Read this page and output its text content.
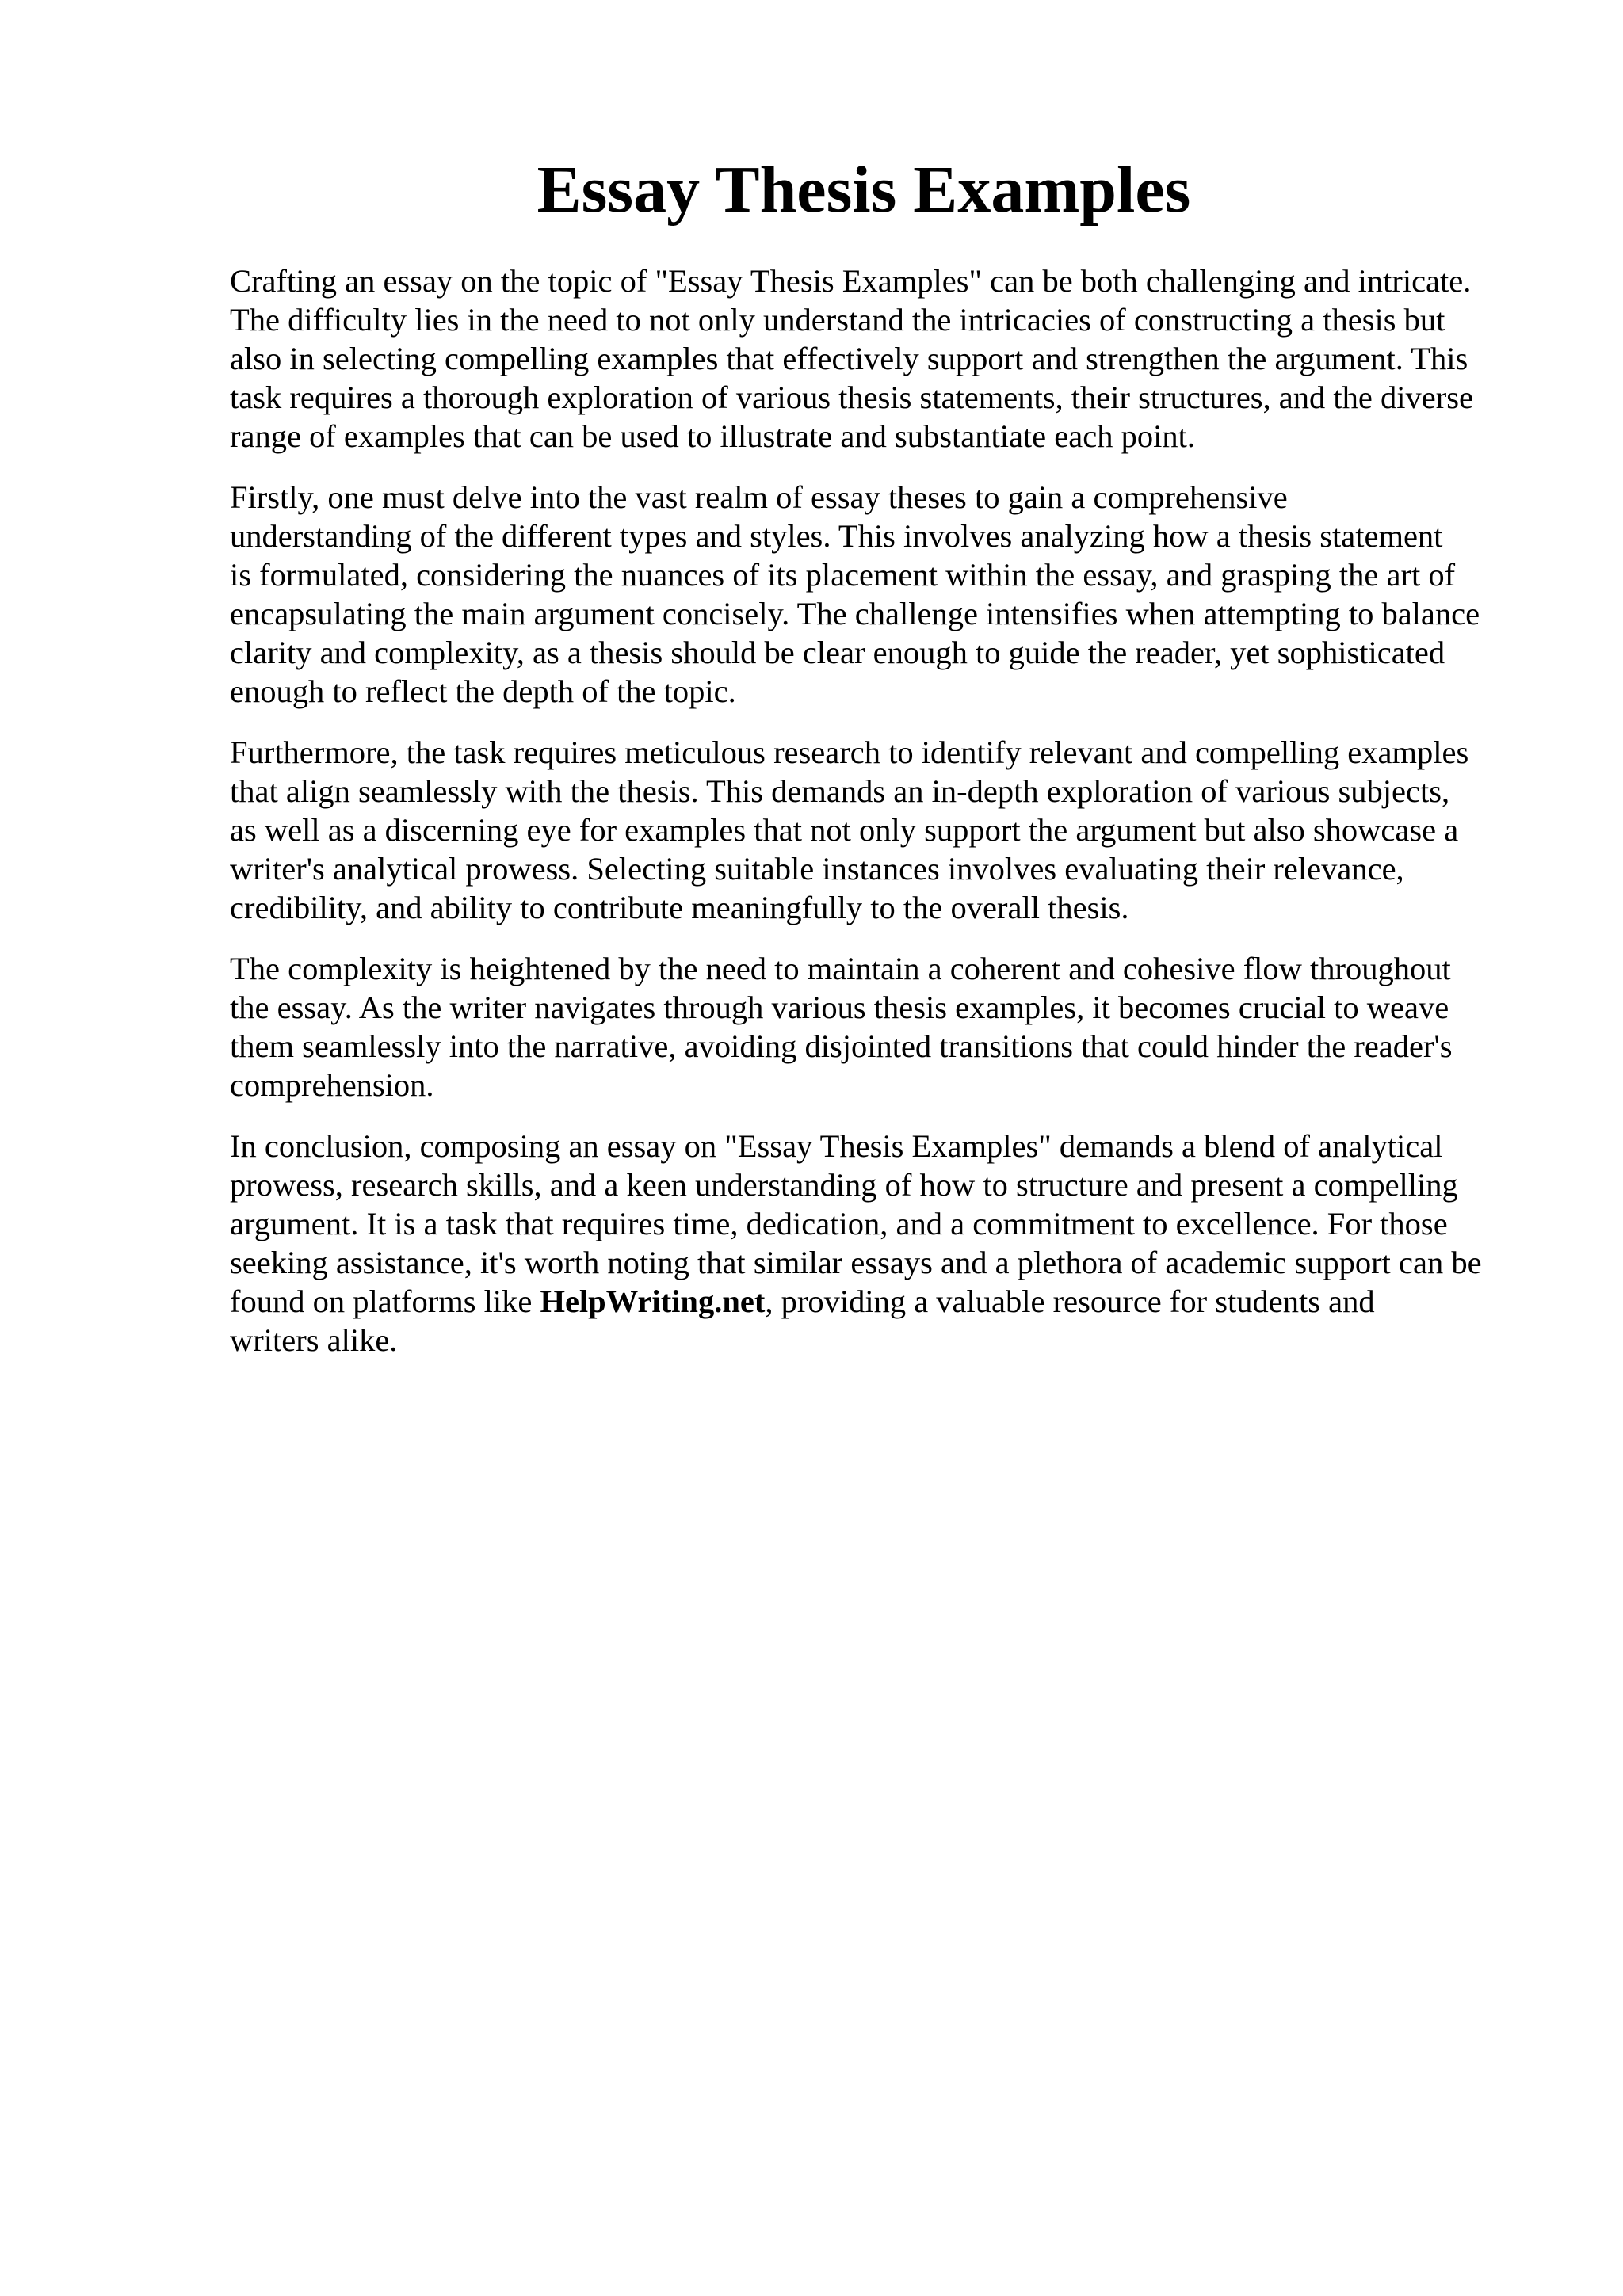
Essay Thesis Examples

Crafting an essay on the topic of "Essay Thesis Examples" can be both challenging and intricate.
The difficulty lies in the need to not only understand the intricacies of constructing a thesis but
also in selecting compelling examples that effectively support and strengthen the argument. This
task requires a thorough exploration of various thesis statements, their structures, and the diverse
range of examples that can be used to illustrate and substantiate each point.

Firstly, one must delve into the vast realm of essay theses to gain a comprehensive
understanding of the different types and styles. This involves analyzing how a thesis statement
is formulated, considering the nuances of its placement within the essay, and grasping the art of
encapsulating the main argument concisely. The challenge intensifies when attempting to balance
clarity and complexity, as a thesis should be clear enough to guide the reader, yet sophisticated
enough to reflect the depth of the topic.

Furthermore, the task requires meticulous research to identify relevant and compelling examples
that align seamlessly with the thesis. This demands an in-depth exploration of various subjects,
as well as a discerning eye for examples that not only support the argument but also showcase a
writer's analytical prowess. Selecting suitable instances involves evaluating their relevance,
credibility, and ability to contribute meaningfully to the overall thesis.

The complexity is heightened by the need to maintain a coherent and cohesive flow throughout
the essay. As the writer navigates through various thesis examples, it becomes crucial to weave
them seamlessly into the narrative, avoiding disjointed transitions that could hinder the reader's
comprehension.

In conclusion, composing an essay on "Essay Thesis Examples" demands a blend of analytical
prowess, research skills, and a keen understanding of how to structure and present a compelling
argument. It is a task that requires time, dedication, and a commitment to excellence. For those
seeking assistance, it's worth noting that similar essays and a plethora of academic support can be
found on platforms like HelpWriting.net, providing a valuable resource for students and
writers alike.
